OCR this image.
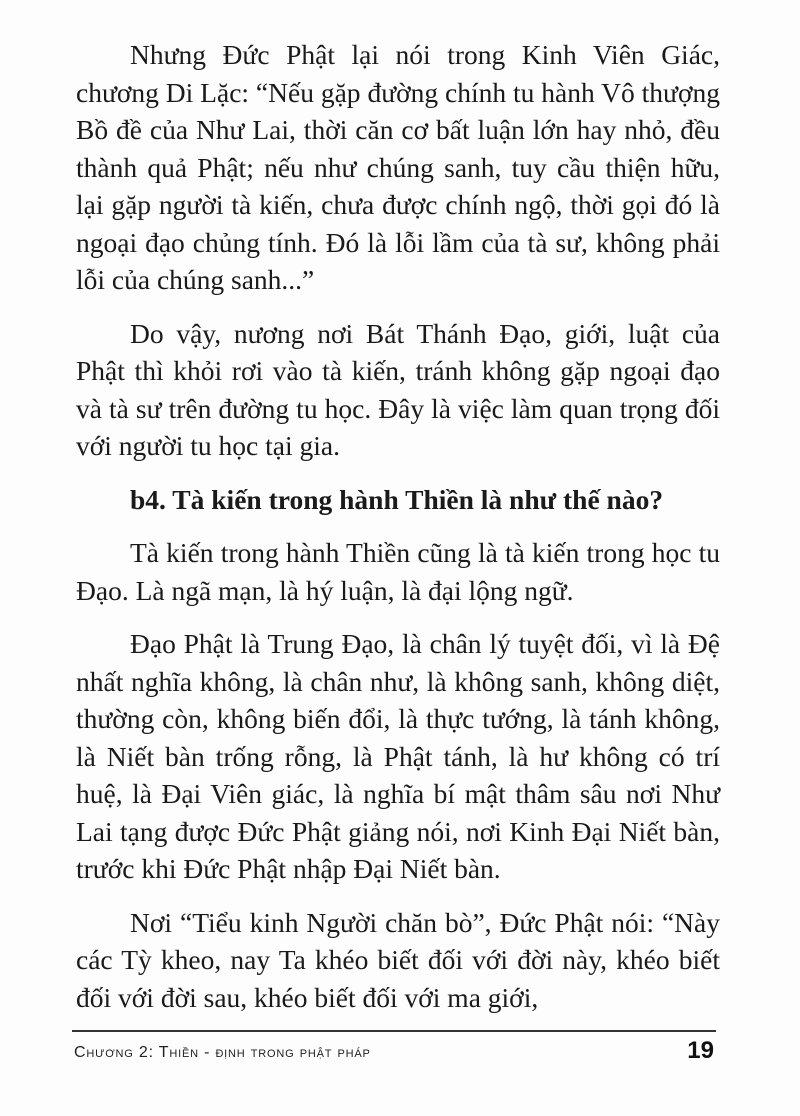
Nhưng Đức Phật lại nói trong Kinh Viên Giác, chương Di Lặc: “Nếu gặp đường chính tu hành Vô thượng Bồ đề của Như Lai, thời căn cơ bất luận lớn hay nhỏ, đều thành quả Phật; nếu như chúng sanh, tuy cầu thiện hữu, lại gặp người tà kiến, chưa được chính ngộ, thời gọi đó là ngoại đạo chủng tính. Đó là lỗi lầm của tà sư, không phải lỗi của chúng sanh...”

Do vậy, nương nơi Bát Thánh Đạo, giới, luật của Phật thì khỏi rơi vào tà kiến, tránh không gặp ngoại đạo và tà sư trên đường tu học. Đây là việc làm quan trọng đối với người tu học tại gia.

b4. Tà kiến trong hành Thiền là như thế nào?

Tà kiến trong hành Thiền cũng là tà kiến trong học tu Đạo. Là ngã mạn, là hý luận, là đại lộng ngữ.

Đạo Phật là Trung Đạo, là chân lý tuyệt đối, vì là Đệ nhất nghĩa không, là chân như, là không sanh, không diệt, thường còn, không biến đổi, là thực tướng, là tánh không, là Niết bàn trống rỗng, là Phật tánh, là hư không có trí huệ, là Đại Viên giác, là nghĩa bí mật thâm sâu nơi Như Lai tạng được Đức Phật giảng nói, nơi Kinh Đại Niết bàn, trước khi Đức Phật nhập Đại Niết bàn.

Nơi “Tiểu kinh Người chăn bò”, Đức Phật nói: “Này các Tỳ kheo, nay Ta khéo biết đối với đời này, khéo biết đối với đời sau, khéo biết đối với ma giới,

Chương 2: Thiền - định trong phật pháp	19
